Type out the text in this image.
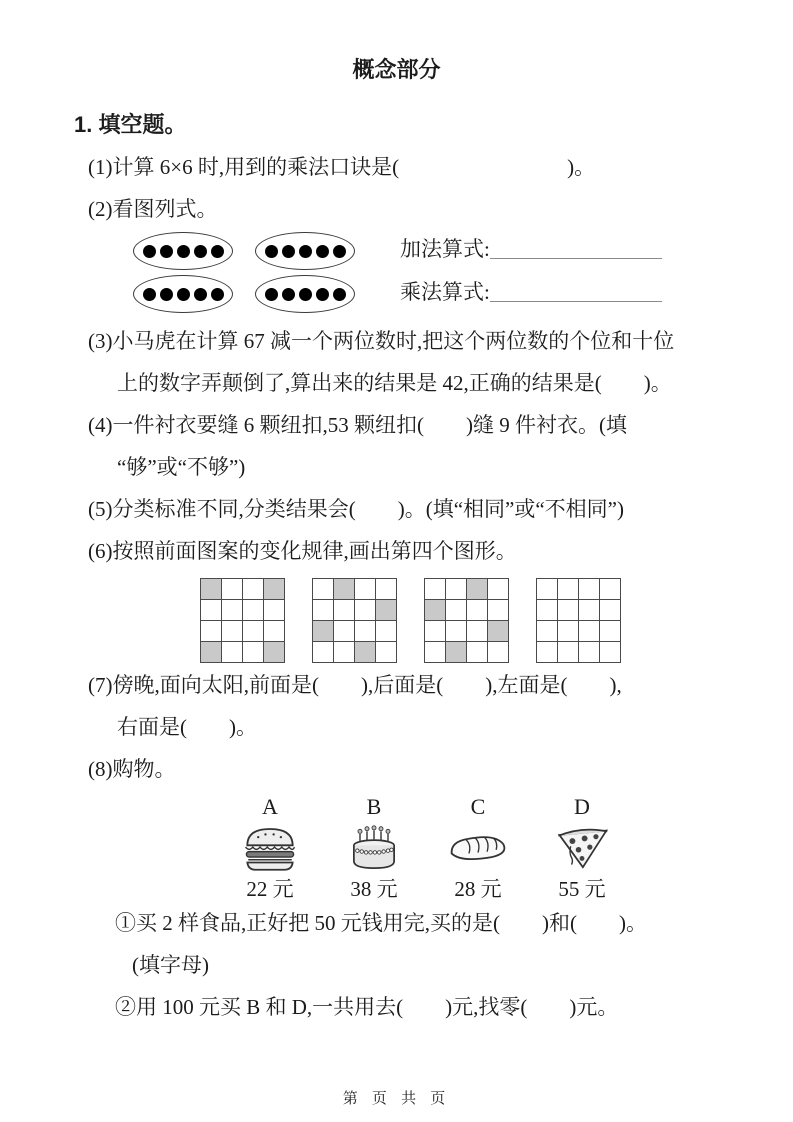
概念部分
1. 填空题。
(1)计算 6×6 时,用到的乘法口诀是(　　　　　　　　)。
(2)看图列式。
加法算式:
乘法算式:
(3)小马虎在计算 67 减一个两位数时,把这个两位数的个位和十位
上的数字弄颠倒了,算出来的结果是 42,正确的结果是(　　)。
(4)一件衬衣要缝 6 颗纽扣,53 颗纽扣(　　)缝 9 件衬衣。(填
“够”或“不够”)
(5)分类标准不同,分类结果会(　　)。(填“相同”或“不相同”)
(6)按照前面图案的变化规律,画出第四个图形。
(7)傍晚,面向太阳,前面是(　　),后面是(　　),左面是(　　),
右面是(　　)。
(8)购物。
A
22 元
B
38 元
C
28 元
D
55 元
①买 2 样食品,正好把 50 元钱用完,买的是(　　)和(　　)。
(填字母)
②用 100 元买 B 和 D,一共用去(　　)元,找零(　　)元。
第 页 共 页
